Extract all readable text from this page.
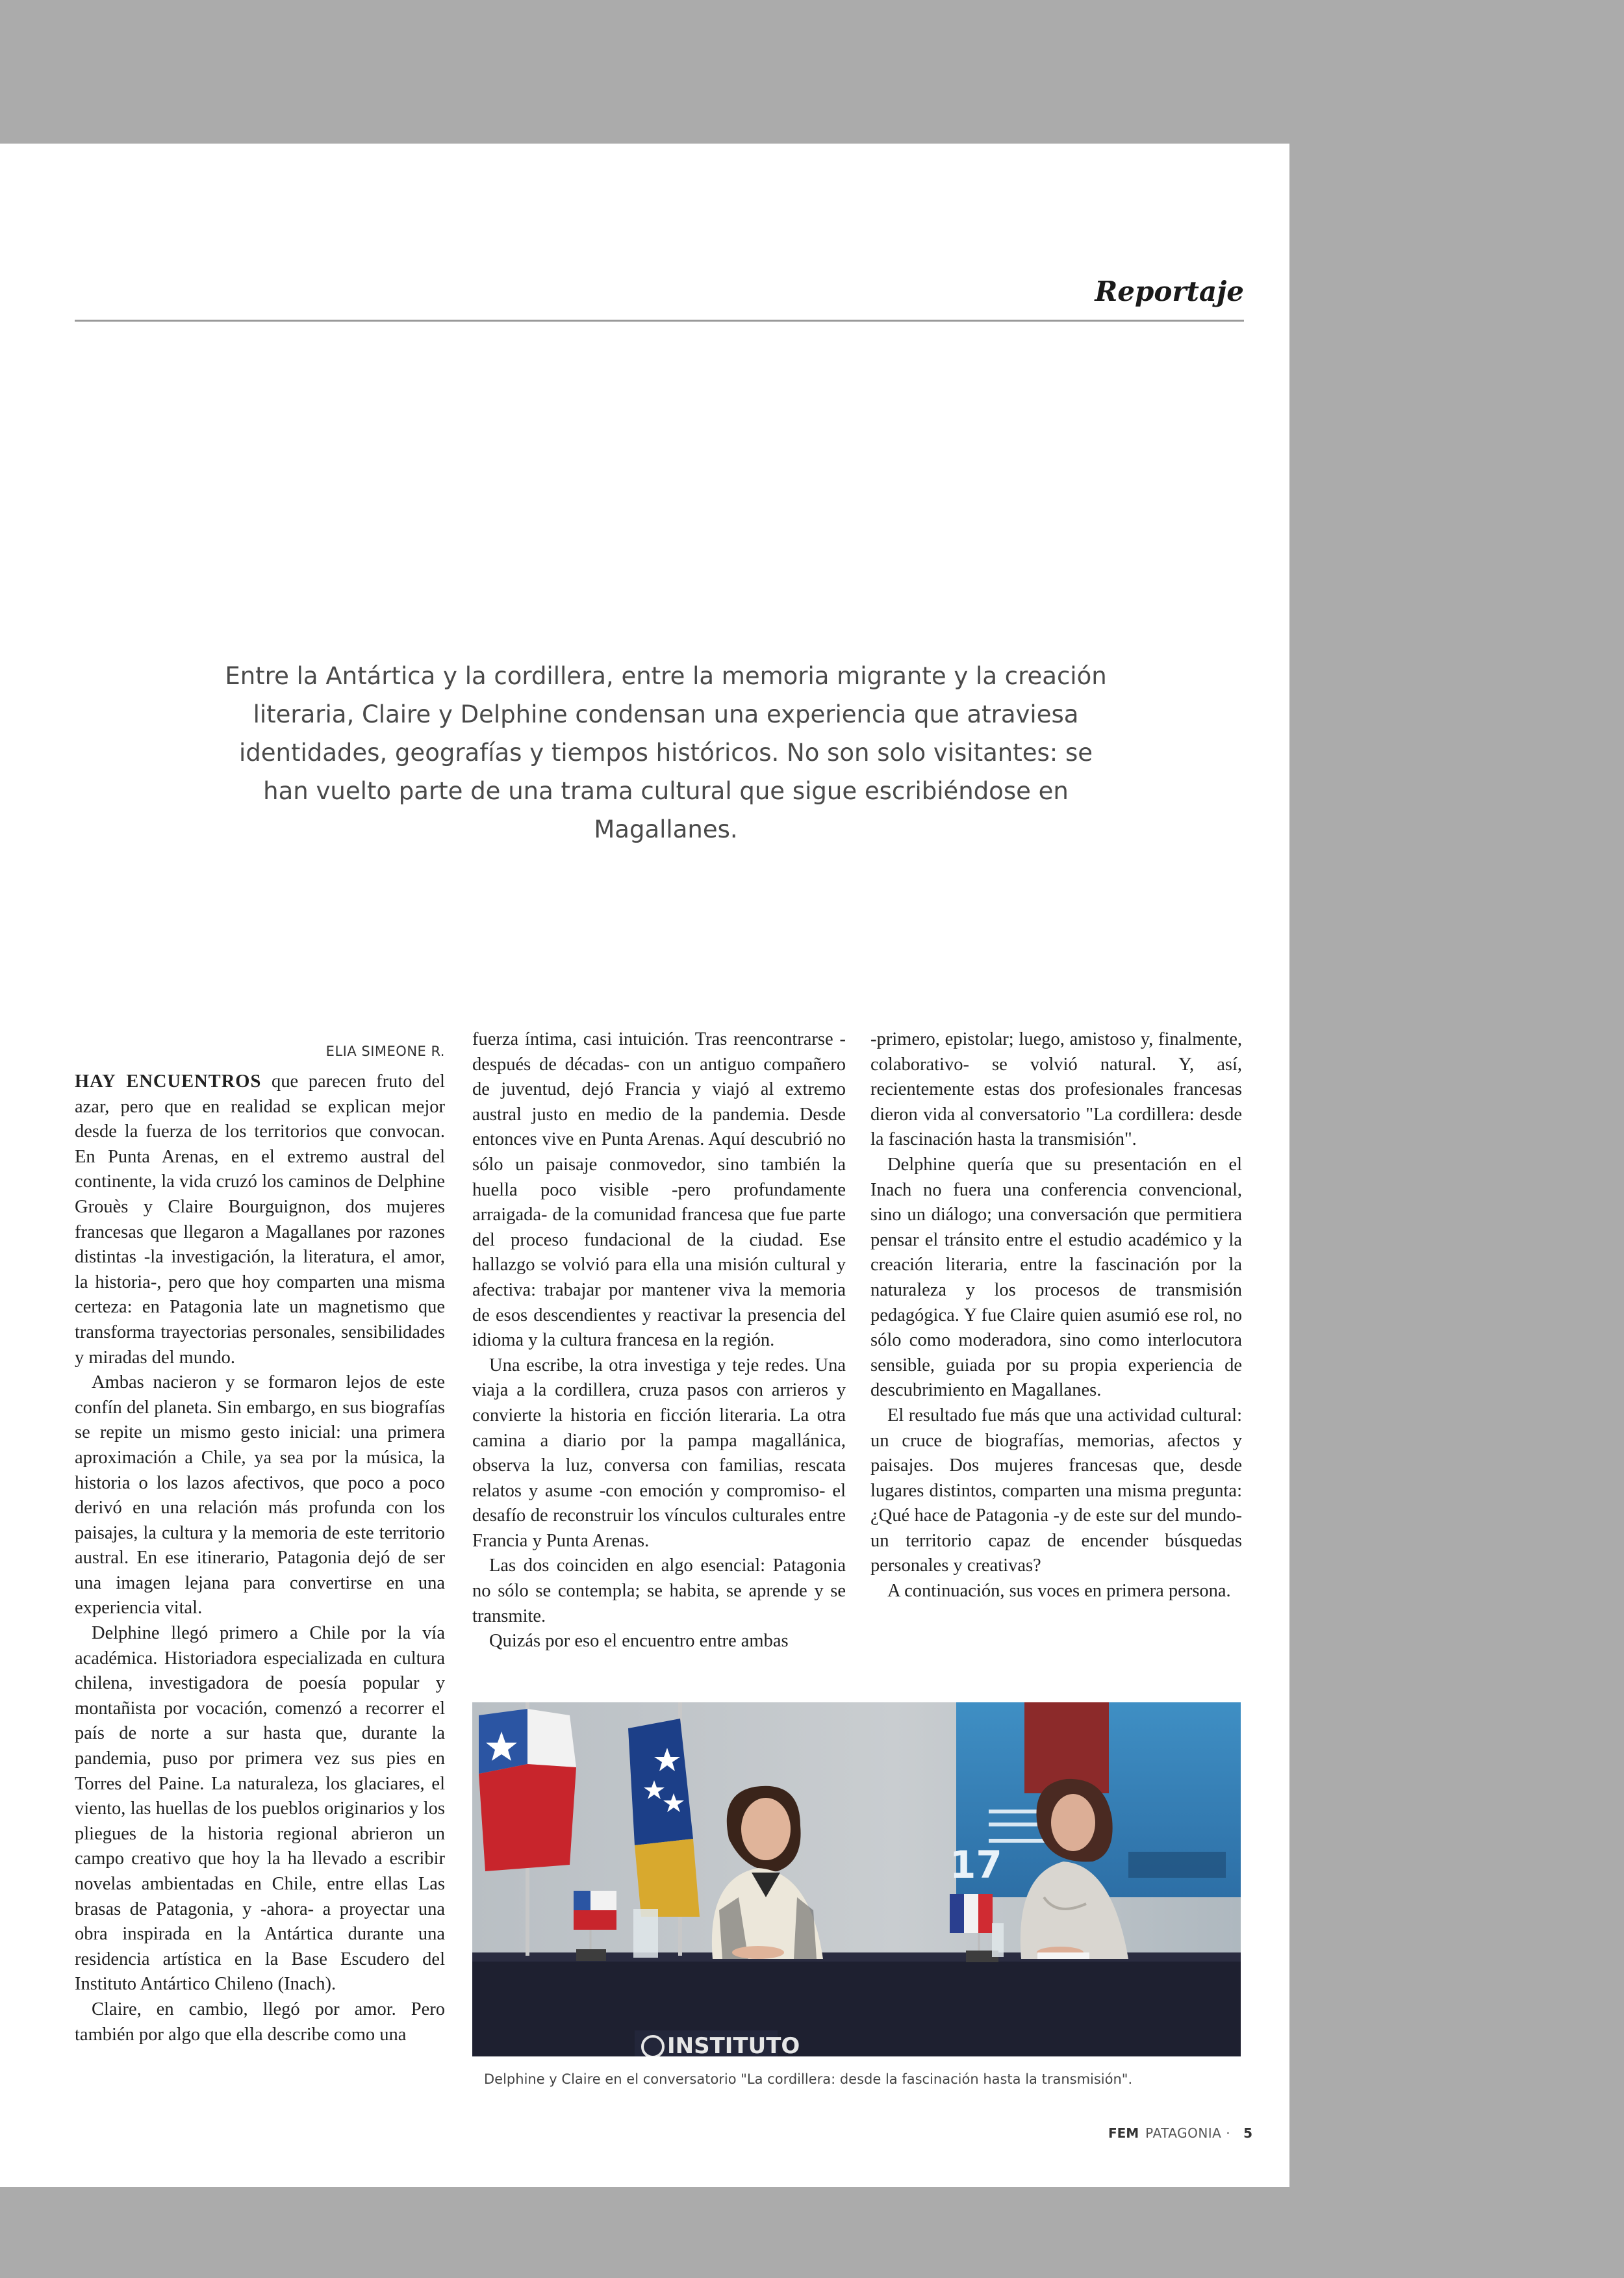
Reportaje
Entre la Antártica y la cordillera, entre la memoria migrante y la creación literaria, Claire y Delphine condensan una experiencia que atraviesa identidades, geografías y tiempos históricos. No son solo visitantes: se han vuelto parte de una trama cultural que sigue escribiéndose en Magallanes.
ELIA SIMEONE R.

HAY ENCUENTROS que parecen fruto del azar, pero que en realidad se explican mejor desde la fuerza de los territorios que convocan. En Punta Arenas, en el extremo austral del continente, la vida cruzó los caminos de Delphine Grouès y Claire Bourguignon, dos mujeres francesas que llegaron a Magallanes por razones distintas -la investigación, la literatura, el amor, la historia-, pero que hoy comparten una misma certeza: en Patagonia late un magnetismo que transforma trayectorias personales, sensibilidades y miradas del mundo.

Ambas nacieron y se formaron lejos de este confín del planeta. Sin embargo, en sus biografías se repite un mismo gesto inicial: una primera aproximación a Chile, ya sea por la música, la historia o los lazos afectivos, que poco a poco derivó en una relación más profunda con los paisajes, la cultura y la memoria de este territorio austral. En ese itinerario, Patagonia dejó de ser una imagen lejana para convertirse en una experiencia vital.

Delphine llegó primero a Chile por la vía académica. Historiadora especializada en cultura chilena, investigadora de poesía popular y montañista por vocación, comenzó a recorrer el país de norte a sur hasta que, durante la pandemia, puso por primera vez sus pies en Torres del Paine. La naturaleza, los glaciares, el viento, las huellas de los pueblos originarios y los pliegues de la historia regional abrieron un campo creativo que hoy la ha llevado a escribir novelas ambientadas en Chile, entre ellas Las brasas de Patagonia, y -ahora- a proyectar una obra inspirada en la Antártica durante una residencia artística en la Base Escudero del Instituto Antártico Chileno (Inach).

Claire, en cambio, llegó por amor. Pero también por algo que ella describe como una

fuerza íntima, casi intuición. Tras reencontrarse -después de décadas- con un antiguo compañero de juventud, dejó Francia y viajó al extremo austral justo en medio de la pandemia. Desde entonces vive en Punta Arenas. Aquí descubrió no sólo un paisaje conmovedor, sino también la huella poco visible -pero profundamente arraigada- de la comunidad francesa que fue parte del proceso fundacional de la ciudad. Ese hallazgo se volvió para ella una misión cultural y afectiva: trabajar por mantener viva la memoria de esos descendientes y reactivar la presencia del idioma y la cultura francesa en la región.

Una escribe, la otra investiga y teje redes. Una viaja a la cordillera, cruza pasos con arrieros y convierte la historia en ficción literaria. La otra camina a diario por la pampa magallánica, observa la luz, conversa con familias, rescata relatos y asume -con emoción y compromiso- el desafío de reconstruir los vínculos culturales entre Francia y Punta Arenas.

Las dos coinciden en algo esencial: Patagonia no sólo se contempla; se habita, se aprende y se transmite.

Quizás por eso el encuentro entre ambas

-primero, epistolar; luego, amistoso y, finalmente, colaborativo- se volvió natural. Y, así, recientemente estas dos profesionales francesas dieron vida al conversatorio "La cordillera: desde la fascinación hasta la transmisión".

Delphine quería que su presentación en el Inach no fuera una conferencia convencional, sino un diálogo; una conversación que permitiera pensar el tránsito entre el estudio académico y la creación literaria, entre la fascinación por la naturaleza y los procesos de transmisión pedagógica. Y fue Claire quien asumió ese rol, no sólo como moderadora, sino como interlocutora sensible, guiada por su propia experiencia de descubrimiento en Magallanes.

El resultado fue más que una actividad cultural: un cruce de biografías, memorias, afectos y paisajes. Dos mujeres francesas que, desde lugares distintos, comparten una misma pregunta: ¿Qué hace de Patagonia -y de este sur del mundo- un territorio capaz de encender búsquedas personales y creativas?

A continuación, sus voces en primera persona.

17
INSTITUTO
Delphine y Claire en el conversatorio "La cordillera: desde la fascinación hasta la transmisión".
FEM PATAGONIA · 5
